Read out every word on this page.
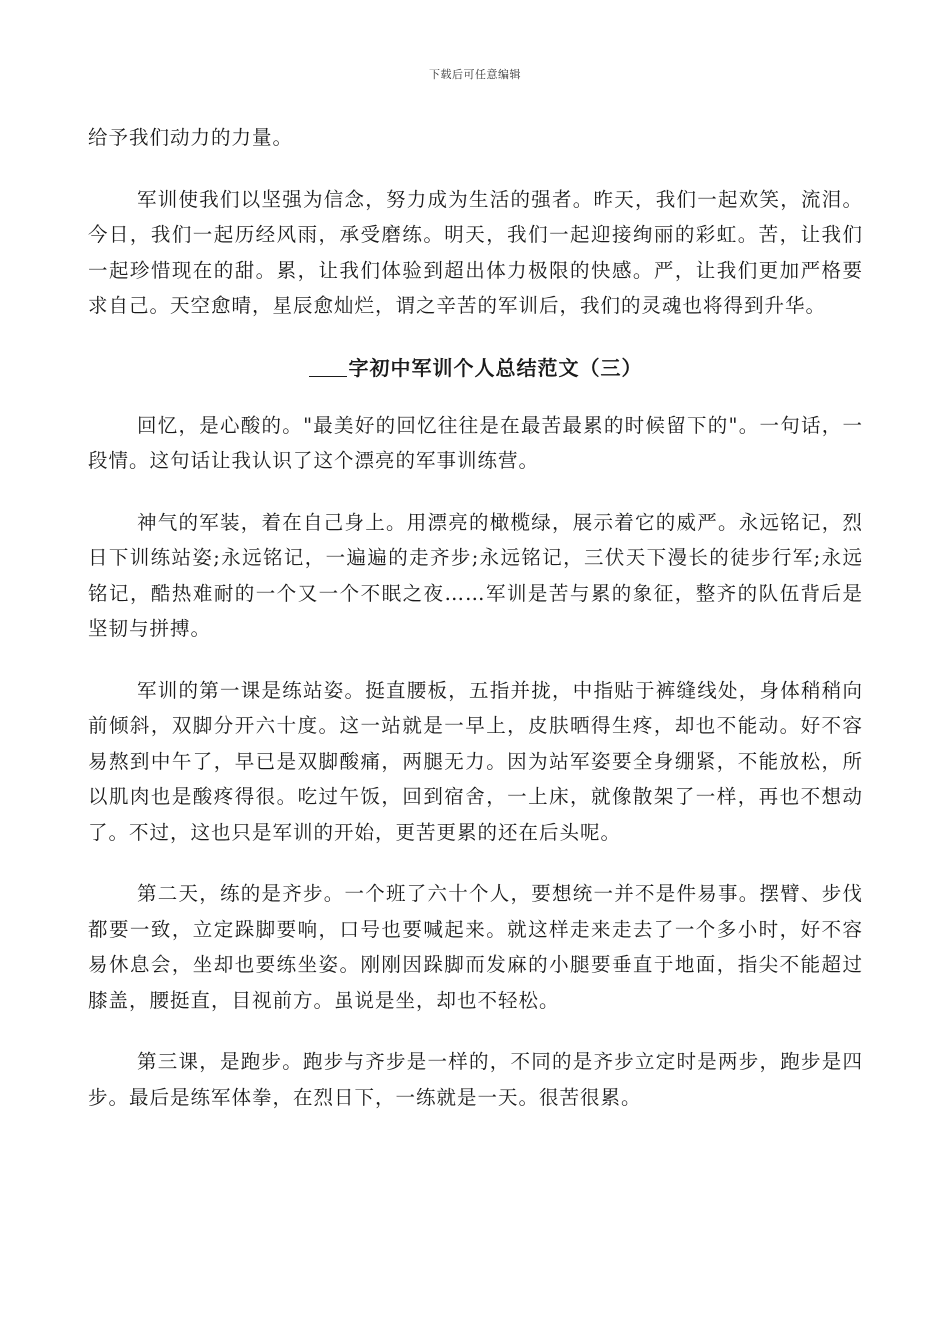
下载后可任意编辑

给予我们动力的力量。

军训使我们以坚强为信念，努力成为生活的强者。昨天，我们一起欢笑，流泪。今日，我们一起历经风雨，承受磨练。明天，我们一起迎接绚丽的彩虹。苦，让我们一起珍惜现在的甜。累，让我们体验到超出体力极限的快感。严，让我们更加严格要求自己。天空愈晴，星辰愈灿烂，谓之辛苦的军训后，我们的灵魂也将得到升华。

字初中军训个人总结范文（三）

回忆，是心酸的。"最美好的回忆往往是在最苦最累的时候留下的"。一句话，一段情。这句话让我认识了这个漂亮的军事训练营。

神气的军装，着在自己身上。用漂亮的橄榄绿，展示着它的威严。永远铭记，烈日下训练站姿;永远铭记，一遍遍的走齐步;永远铭记，三伏天下漫长的徒步行军;永远铭记，酷热难耐的一个又一个不眠之夜……军训是苦与累的象征，整齐的队伍背后是坚韧与拼搏。

军训的第一课是练站姿。挺直腰板，五指并拢，中指贴于裤缝线处，身体稍稍向前倾斜，双脚分开六十度。这一站就是一早上，皮肤晒得生疼，却也不能动。好不容易熬到中午了，早已是双脚酸痛，两腿无力。因为站军姿要全身绷紧，不能放松，所以肌肉也是酸疼得很。吃过午饭，回到宿舍，一上床，就像散架了一样，再也不想动了。不过，这也只是军训的开始，更苦更累的还在后头呢。

第二天，练的是齐步。一个班了六十个人，要想统一并不是件易事。摆臂、步伐都要一致，立定跺脚要响，口号也要喊起来。就这样走来走去了一个多小时，好不容易休息会，坐却也要练坐姿。刚刚因跺脚而发麻的小腿要垂直于地面，指尖不能超过膝盖，腰挺直，目视前方。虽说是坐，却也不轻松。

第三课，是跑步。跑步与齐步是一样的，不同的是齐步立定时是两步，跑步是四步。最后是练军体拳，在烈日下，一练就是一天。很苦很累。
